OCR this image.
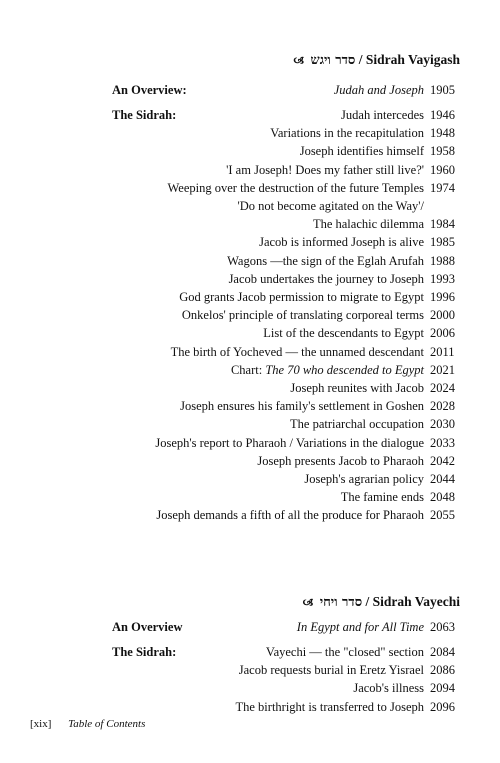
🙢 סדר ויגש / Sidrah Vayigash
An Overview:	Judah and Joseph 1905
The Sidrah:	Judah intercedes 1946
Variations in the recapitulation 1948
Joseph identifies himself 1958
'I am Joseph! Does my father still live?' 1960
Weeping over the destruction of the future Temples 1974
'Do not become agitated on the Way'/
The halachic dilemma 1984
Jacob is informed Joseph is alive 1985
Wagons —the sign of the Eglah Arufah 1988
Jacob undertakes the journey to Joseph 1993
God grants Jacob permission to migrate to Egypt 1996
Onkelos' principle of translating corporeal terms 2000
List of the descendants to Egypt 2006
The birth of Yocheved — the unnamed descendant 2011
Chart: The 70 who descended to Egypt 2021
Joseph reunites with Jacob 2024
Joseph ensures his family's settlement in Goshen 2028
The patriarchal occupation 2030
Joseph's report to Pharaoh / Variations in the dialogue 2033
Joseph presents Jacob to Pharaoh 2042
Joseph's agrarian policy 2044
The famine ends 2048
Joseph demands a fifth of all the produce for Pharaoh 2055
🙢 סדר ויחי / Sidrah Vayechi
An Overview	In Egypt and for All Time 2063
The Sidrah:	Vayechi — the "closed" section 2084
Jacob requests burial in Eretz Yisrael 2086
Jacob's illness 2094
The birthright is transferred to Joseph 2096
[xix] Table of Contents
